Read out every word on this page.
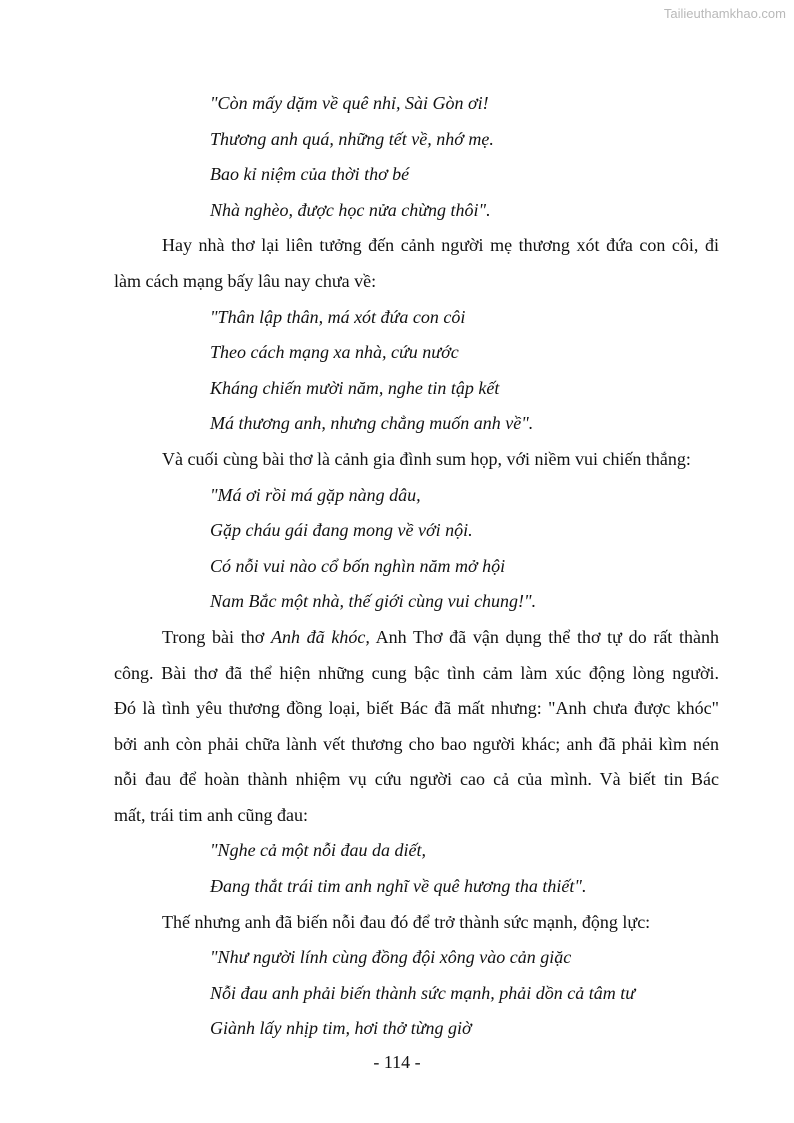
Tailieuthamkhao.com
"Còn mấy dặm về quê nhỉ, Sài Gòn ơi!
Thương anh quá, những tết về, nhớ mẹ.
Bao kỉ niệm của thời thơ bé
Nhà nghèo, được học nửa chừng thôi".
Hay nhà thơ lại liên tưởng đến cảnh người mẹ thương xót đứa con côi, đi
làm cách mạng bấy lâu nay chưa về:
"Thân lập thân, má xót đứa con côi
Theo cách mạng xa nhà, cứu nước
Kháng chiến mười năm, nghe tin tập kết
Má thương anh, nhưng chẳng muốn anh về".
Và cuối cùng bài thơ là cảnh gia đình sum họp, với niềm vui chiến thắng:
"Má ơi rồi má gặp nàng dâu,
Gặp cháu gái đang mong về với nội.
Có nỗi vui nào cổ bốn nghìn năm mở hội
Nam Bắc một nhà, thế giới cùng vui chung!".
Trong bài thơ Anh đã khóc, Anh Thơ đã vận dụng thể thơ tự do rất thành
công. Bài thơ đã thể hiện những cung bậc tình cảm làm xúc động lòng người.
Đó là tình yêu thương đồng loại, biết Bác đã mất nhưng: "Anh chưa được khóc"
bởi anh còn phải chữa lành vết thương cho bao người khác; anh đã phải kìm nén
nỗi đau để hoàn thành nhiệm vụ cứu người cao cả của mình. Và biết tin Bác
mất, trái tim anh cũng đau:
"Nghe cả một nỗi đau da diết,
Đang thắt trái tim anh nghĩ về quê hương tha thiết".
Thế nhưng anh đã biến nỗi đau đó để trở thành sức mạnh, động lực:
"Như người lính cùng đồng đội xông vào cản giặc
Nỗi đau anh phải biến thành sức mạnh, phải dồn cả tâm tư
Giành lấy nhịp tim, hơi thở từng giờ
- 114 -
